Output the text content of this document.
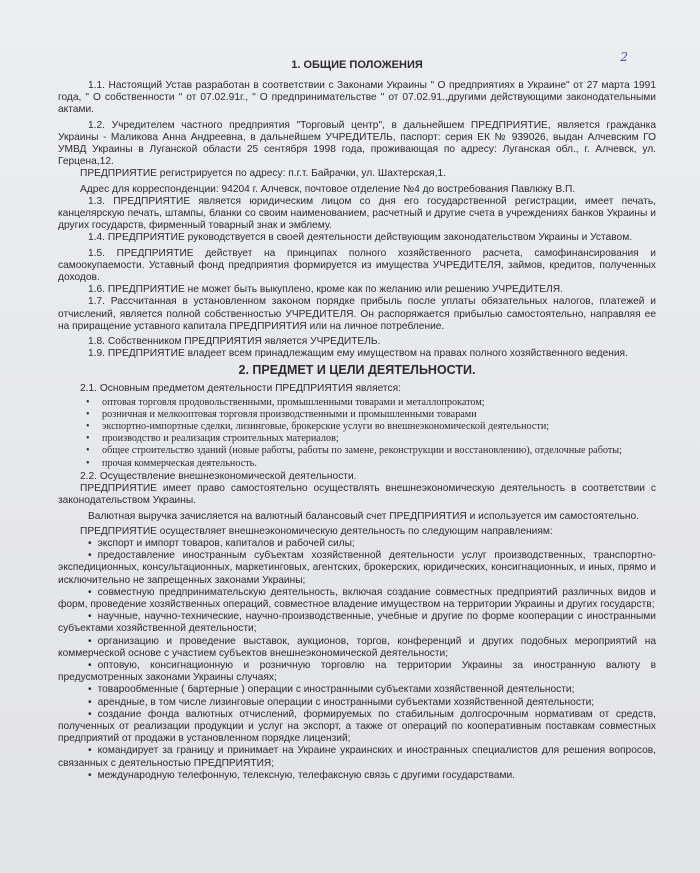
2
1. ОБЩИЕ ПОЛОЖЕНИЯ

1.1. Настоящий Устав разработан в соответствии с Законами Украины " О предприятиях в Украине" от 27 марта 1991 года, " О собственности " от 07.02.91г., " О предпринимательстве " от 07.02.91.,другими действующими законодательными актами.

1.2. Учредителем частного предприятия "Торговый центр", в дальнейшем ПРЕДПРИЯТИЕ, является гражданка Украины - Маликова Анна Андреевна, в дальнейшем УЧРЕДИТЕЛЬ, паспорт: серия ЕК № 939026, выдан Алчевским ГО УМВД Украины в Луганской области 25 сентября 1998 года, проживающая по адресу: Луганская обл., г. Алчевск, ул. Герцена,12.

ПРЕДПРИЯТИЕ регистрируется по адресу: п.г.т. Байрачки, ул. Шахтерская,1.

Адрес для корреспонденции: 94204 г. Алчевск, почтовое отделение №4 до востребования Павлюку В.П.

1.3. ПРЕДПРИЯТИЕ является юридическим лицом со дня его государственной регистрации, имеет печать, канцелярскую печать, штампы, бланки со своим наименованием, расчетный и другие счета в учреждениях банков Украины и других государств, фирменный товарный знак и эмблему.

1.4. ПРЕДПРИЯТИЕ руководствуется в своей деятельности действующим законодательством Украины и Уставом.

1.5. ПРЕДПРИЯТИЕ действует на принципах полного хозяйственного расчета, самофинансирования и самоокупаемости. Уставный фонд предприятия формируется из имущества УЧРЕДИТЕЛЯ, займов, кредитов, полученных доходов.

1.6. ПРЕДПРИЯТИЕ не может быть выкуплено, кроме как по желанию или решению УЧРЕДИТЕЛЯ.

1.7. Рассчитанная в установленном законом порядке прибыль после уплаты обязательных налогов, платежей и отчислений, является полной собственностью УЧРЕДИТЕЛЯ. Он распоряжается прибылью самостоятельно, направляя ее на приращение уставного капитала ПРЕДПРИЯТИЯ или на личное потребление.

1.8. Собственником ПРЕДПРИЯТИЯ является УЧРЕДИТЕЛЬ.

1.9. ПРЕДПРИЯТИЕ владеет всем принадлежащим ему имуществом на правах полного хозяйственного ведения.

2. ПРЕДМЕТ И ЦЕЛИ ДЕЯТЕЛЬНОСТИ.

2.1. Основным предметом деятельности ПРЕДПРИЯТИЯ является:

• оптовая торговля продовольственными, промышленными товарами и металлопрокатом;
• розничная и мелкооптовая торговля производственными и промышленными товарами
• экспортно-импортные сделки, лизинговые, брокерские услуги во внешнеэкономической деятельности;
• производство и реализация строительных материалов;
• общее строительство зданий (новые работы, работы по замене, реконструкции и восстановлению), отделочные работы;
• прочая коммерческая деятельность.

2.2. Осуществление внешнеэкономической деятельности.

ПРЕДПРИЯТИЕ имеет право самостоятельно осуществлять внешнеэкономическую деятельность в соответствии с законодательством Украины.

Валютная выручка зачисляется на валютный балансовый счет ПРЕДПРИЯТИЯ и используется им самостоятельно.

ПРЕДПРИЯТИЕ осуществляет внешнеэкономическую деятельность по следующим направлениям:

• экспорт и импорт товаров, капиталов и рабочей силы;
• предоставление иностранным субъектам хозяйственной деятельности услуг производственных, транспортно-экспедиционных, консультационных, маркетинговых, агентских, брокерских, юридических, консигнационных, и иных, прямо и исключительно не запрещенных законами Украины;
• совместную предпринимательскую деятельность, включая создание совместных предприятий различных видов и форм, проведение хозяйственных операций, совместное владение имуществом на территории Украины и других государств;
• научные, научно-технические, научно-производственные, учебные и другие по форме кооперации с иностранными субъектами хозяйственной деятельности;
• организацию и проведение выставок, аукционов, торгов, конференций и других подобных мероприятий на коммерческой основе с участием субъектов внешнеэкономической деятельности;
• оптовую, консигнационную и розничную торговлю на территории Украины за иностранную валюту в предусмотренных законами Украины случаях;
• товарообменные ( бартерные ) операции с иностранными субъектами хозяйственной деятельности;
• арендные, в том числе лизинговые операции с иностранными субъектами хозяйственной деятельности;
• создание фонда валютных отчислений, формируемых по стабильным долгосрочным нормативам от средств, полученных от реализации продукции и услуг на экспорт, а также от операций по кооперативным поставкам совместных предприятий от продажи в установленном порядке лицензий;
• командирует за границу и принимает на Украине украинских и иностранных специалистов для решения вопросов, связанных с деятельностью ПРЕДПРИЯТИЯ;
• международную телефонную, телексную, телефаксную связь с другими государствами.
